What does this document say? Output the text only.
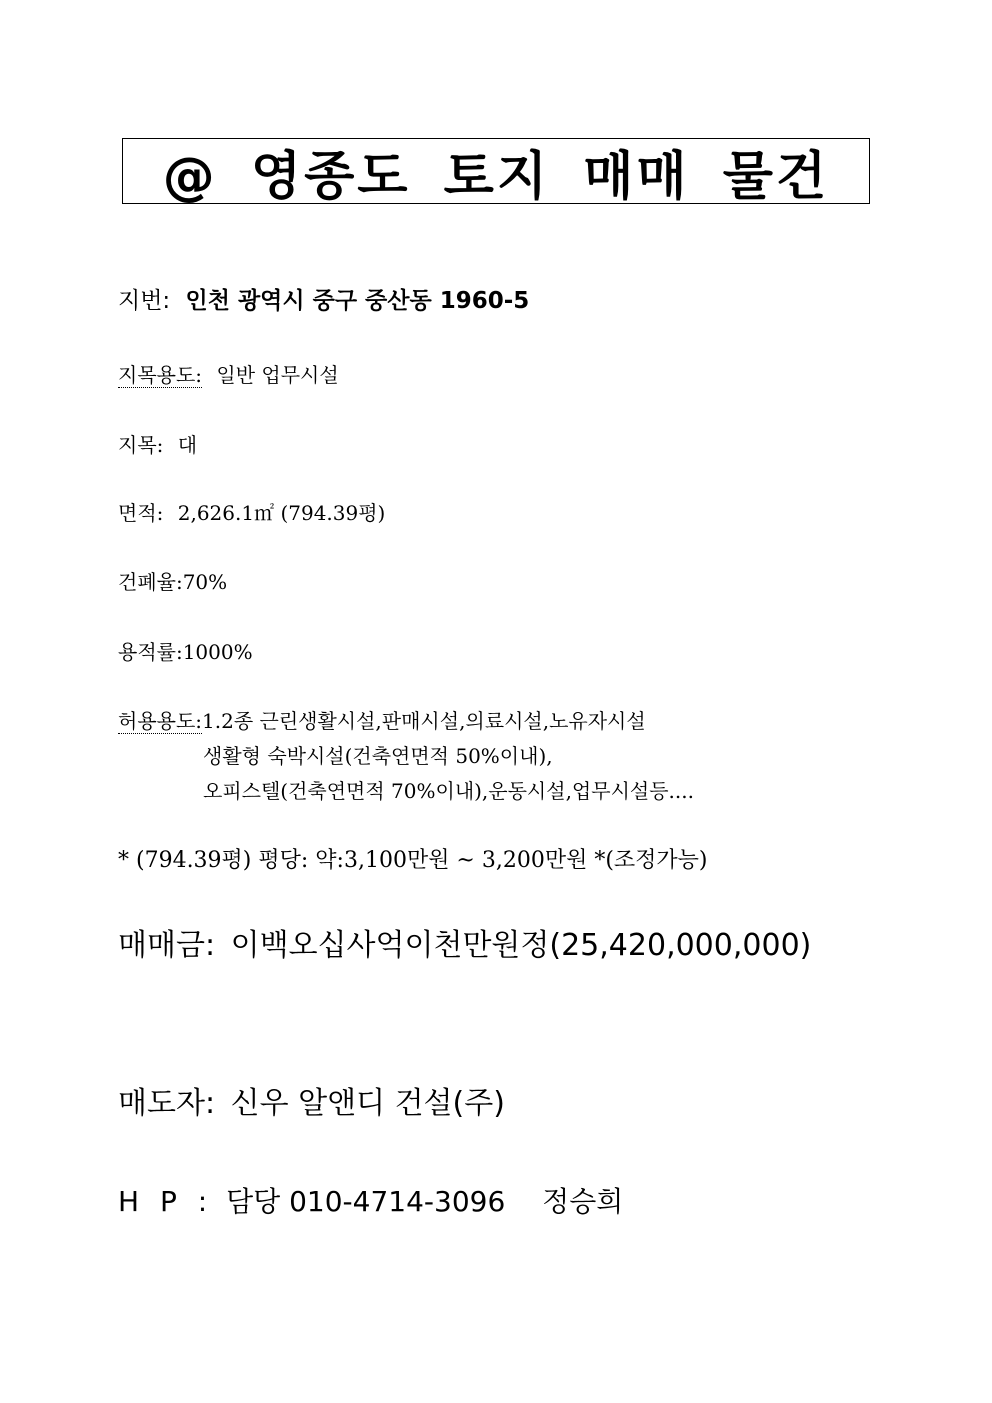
@ 영종도 토지 매매 물건
지번: 인천 광역시 중구 중산동 1960-5
지목용도: 일반 업무시설
지목: 대
면적: 2,626.1㎡ (794.39평)
건폐율:70%
용적률:1000%
허용용도:1.2종 근린생활시설,판매시설,의료시설,노유자시설
생활형 숙박시설(건축연면적 50%이내),
오피스텔(건축연면적 70%이내),운동시설,업무시설등....
* (794.39평) 평당: 약:3,100만원 ~ 3,200만원 *(조정가능)
매매금: 이백오십사억이천만원정(25,420,000,000)
매도자: 신우 알앤디 건설(주)
H P : 담당 010-4714-3096 정승희
